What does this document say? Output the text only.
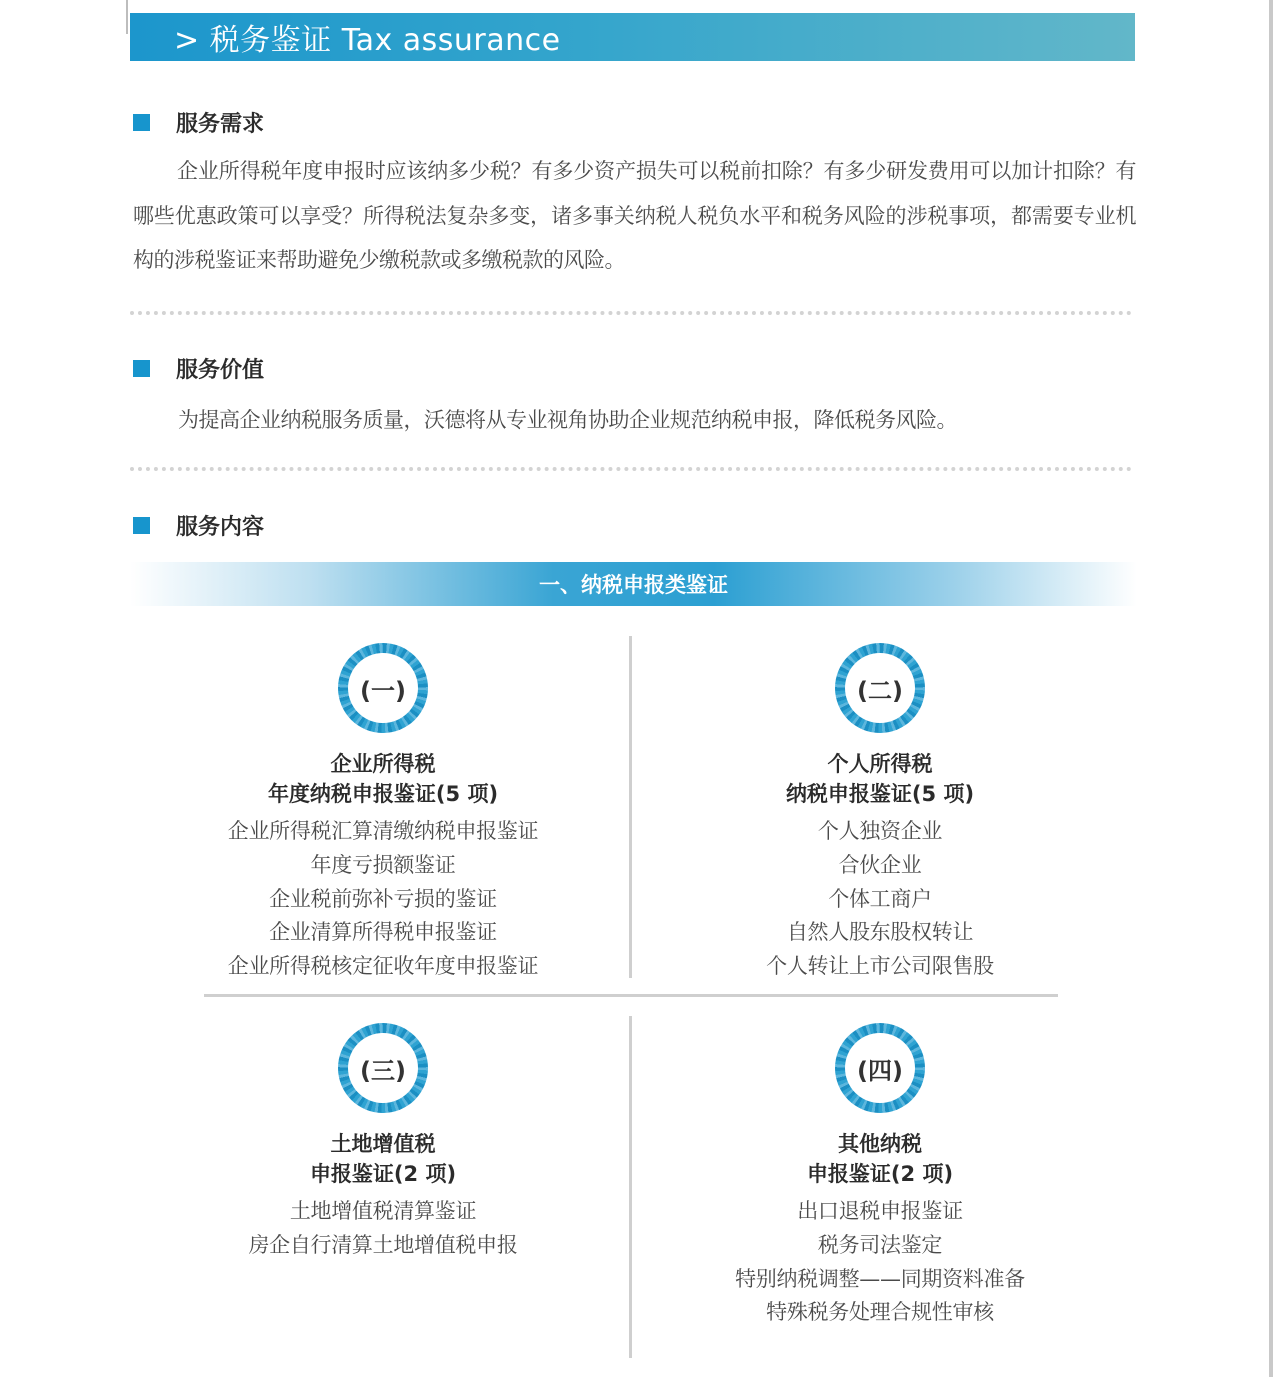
> 税务鉴证 Tax assurance
服务需求

企业所得税年度申报时应该纳多少税？有多少资产损失可以税前扣除？有多少研发费用可以加计扣除？有哪些优惠政策可以享受？所得税法复杂多变，诸多事关纳税人税负水平和税务风险的涉税事项，都需要专业机构的涉税鉴证来帮助避免少缴税款或多缴税款的风险。

服务价值

为提高企业纳税服务质量，沃德将从专业视角协助企业规范纳税申报，降低税务风险。

服务内容
一、纳税申报类鉴证
(一)
企业所得税
年度纳税申报鉴证(5 项)
企业所得税汇算清缴纳税申报鉴证
年度亏损额鉴证
企业税前弥补亏损的鉴证
企业清算所得税申报鉴证
企业所得税核定征收年度申报鉴证
(二)
个人所得税
纳税申报鉴证(5 项)
个人独资企业
合伙企业
个体工商户
自然人股东股权转让
个人转让上市公司限售股
(三)
土地增值税
申报鉴证(2 项)
土地增值税清算鉴证
房企自行清算土地增值税申报
(四)
其他纳税
申报鉴证(2 项)
出口退税申报鉴证
税务司法鉴定
特别纳税调整——同期资料准备
特殊税务处理合规性审核
